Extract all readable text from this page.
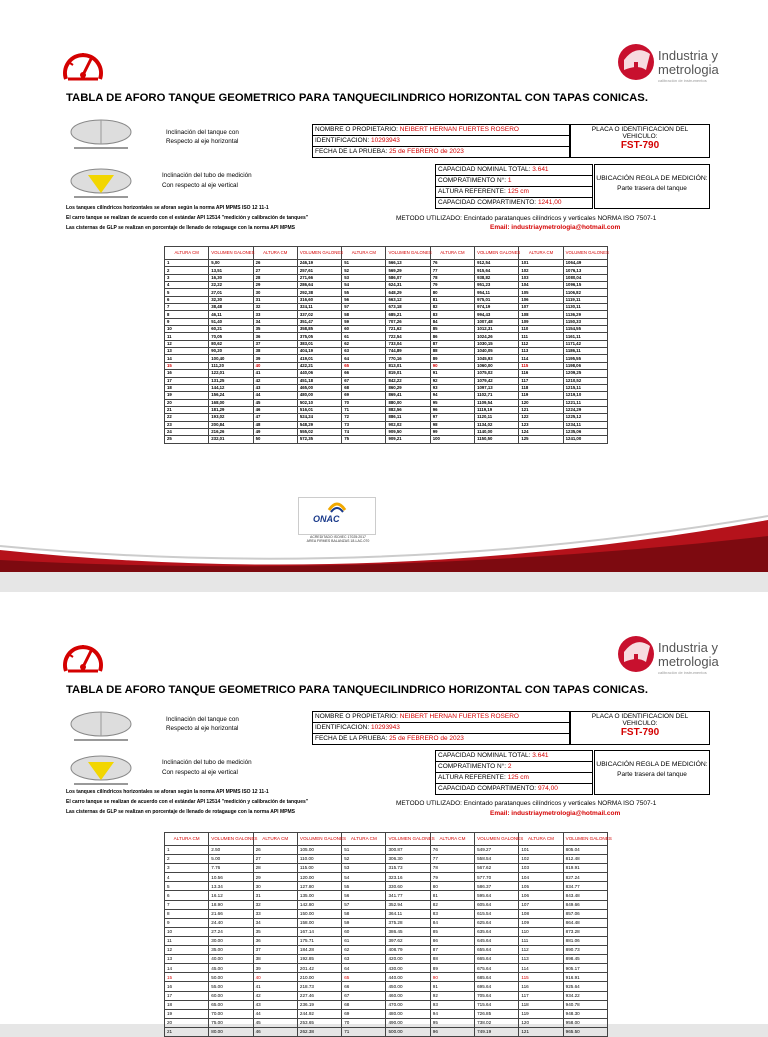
Industria y
metrologia
calibración de instrumentos
TABLA DE AFORO TANQUE GEOMETRICO PARA TANQUECILINDRICO HORIZONTAL CON TAPAS CONICAS.
Inclinación del tanque con
Respecto al eje horizontal
Inclinación del tubo de medición
Con respecto al eje vertical
Los tanques cilíndricos horizontales se aforan según la norma API MPMS ISO 12 11-1
El carro tanque se realizan de acuerdo con el estándar API 12514 "medición y calibración de tanques"
Las cisternas de GLP se realizan en porcentaje de llenado de rotagauge con la norma API MPMS
NOMBRE O PROPIETARIO: NEIBERT HERNAN FUERTES ROSERO
IDENTIFICACION: 10293943
FECHA DE LA PRUEBA: 25 de FEBRERO de 2023
PLACA O IDENTIFICACION DEL VEHICULO:
FST-790
CAPACIDAD NOMINAL TOTAL: 3.641
COMPRATIMENTO N°: 1
ALTURA REFERENTE: 125 cm
CAPACIDAD COMPARTIMENTO: 1241,00
UBICACIÓN REGLA DE MEDICIÓN:
Parte trasera del tanque
METODO UTILIZADO: Encintado paratanques cilíndricos y verticales NORMA ISO 7507-1
Email: industriaymetrologia@hotmail.com
ALTURA CM	VOLUMEN GALONES	ALTURA CM	VOLUMEN GALONES	ALTURA CM	VOLUMEN GALONES	ALTURA CM	VOLUMEN GALONES	ALTURA CM	VOLUMEN GALONES
1	5,00	26	246,19	51	566,13	76	912,54	101	1064,49
2	13,51	27	257,61	52	569,29	77	915,64	102	1076,13
3	16,30	28	271,66	53	586,07	78	938,82	103	1080,04
4	22,22	29	286,64	54	624,31	79	951,23	104	1096,15
5	27,01	30	292,38	55	648,29	80	954,11	105	1106,82
6	32,30	31	316,60	56	663,12	81	975,01	106	1119,11
7	38,48	32	324,11	57	673,18	82	974,19	107	1130,11
8	46,11	33	337,02	58	685,21	83	994,43	108	1136,29
9	51,40	34	351,47	59	707,26	84	1007,48	109	1150,33
10	60,21	35	358,85	60	721,62	85	1012,31	110	1154,55
11	70,05	36	375,05	61	722,54	86	1024,26	111	1161,11
12	80,62	37	383,01	62	733,04	87	1030,15	112	1171,42
13	90,20	38	404,19	63	744,89	88	1040,05	113	1186,11
14	100,40	39	419,01	64	770,16	89	1045,93	114	1195,55
15	111,20	40	422,21	65	813,01	90	1060,00	115	1198,06
16	122,01	41	440,06	66	819,01	91	1075,02	116	1209,25
17	131,25	42	451,18	67	842,22	92	1079,42	117	1210,52
18	144,12	43	465,00	68	860,29	93	1097,13	118	1215,11
19	156,24	44	480,00	69	869,41	94	1102,71	119	1219,10
20	168,00	45	502,10	70	880,00	95	1109,54	120	1221,11
21	181,29	46	516,01	71	882,56	96	1119,19	121	1224,29
22	193,02	47	524,24	72	886,11	97	1120,11	122	1225,12
23	200,84	48	548,29	73	902,02	98	1134,02	123	1234,11
24	216,26	49	555,02	74	909,50	99	1140,00	124	1235,06
25	232,01	50	572,35	75	909,21	100	1150,50	125	1241,00
ONAC
ACREDITADO ISO/IEC 17025:2017 AREA FIRMES BALANZAS 18-LAC-070
Industria y
metrologia
calibración de instrumentos
TABLA DE AFORO TANQUE GEOMETRICO PARA TANQUECILINDRICO HORIZONTAL CON TAPAS CONICAS.
Inclinación del tanque con
Respecto al eje horizontal
Inclinación del tubo de medición
Con respecto al eje vertical
Los tanques cilíndricos horizontales se aforan según la norma API MPMS ISO 12 11-1
El carro tanque se realizan de acuerdo con el estándar API 12514 "medición y calibración de tanques"
Las cisternas de GLP se realizan en porcentaje de llenado de rotagauge con la norma API MPMS
NOMBRE O PROPIETARIO: NEIBERT HERNAN FUERTES ROSERO
IDENTIFICACION: 10293943
FECHA DE LA PRUEBA: 25 de FEBRERO de 2023
PLACA O IDENTIFICACION DEL VEHICULO:
FST-790
CAPACIDAD NOMINAL TOTAL: 3.641
COMPRATIMENTO N°: 2
ALTURA REFERENTE: 125 cm
CAPACIDAD COMPARTIMENTO: 974,00
UBICACIÓN REGLA DE MEDICIÓN:
Parte trasera del tanque
METODO UTILIZADO: Encintado paratanques cilíndricos y verticales NORMA ISO 7507-1
Email: industriaymetrologia@hotmail.com
ALTURA CM	VOLUMEN GALONES	ALTURA CM	VOLUMEN GALONES	ALTURA CM	VOLUMEN GALONES	ALTURA CM	VOLUMEN GALONES	ALTURA CM	VOLUMEN GALONES
1	2.50	26	105.00	51	300.87	76	549.27	101	805.04
2	5.00	27	110.00	52	306.30	77	558.54	102	812.48
3	7.76	28	115.00	53	315.73	78	567.62	103	819.91
4	10.56	29	120.00	54	323.16	79	577.70	104	827.24
5	13.34	30	127.80	55	330.60	80	586.37	105	834.77
6	16.12	31	135.00	56	341.77	81	595.64	106	843.48
7	18.90	32	142.80	57	352.94	82	605.64	107	849.66
8	21.66	33	150.00	58	364.11	83	615.54	108	857.06
9	24.40	34	158.00	59	375.28	84	625.64	109	864.48
10	27.24	35	167.14	60	386.45	85	635.64	110	873.28
11	30.00	36	175.71	61	397.62	86	645.64	111	881.06
12	35.00	37	184.28	62	408.79	87	655.64	112	890.73
13	40.00	38	192.85	63	420.00	88	665.64	113	898.45
14	45.00	39	201.42	64	430.00	89	675.64	114	905.17
15	50.00	40	210.00	65	440.00	90	685.64	115	916.91
16	55.00	41	218.73	66	450.00	91	695.64	116	925.64
17	60.00	42	227.46	67	460.00	92	705.64	117	934.22
18	65.00	43	236.19	68	470.00	93	715.64	118	940.78
19	70.00	44	244.92	69	480.00	94	726.85	119	948.30
20	75.00	45	253.65	70	490.00	95	738.02	120	958.00
21	80.00	46	262.38	71	500.00	96	749.19	121	965.50
